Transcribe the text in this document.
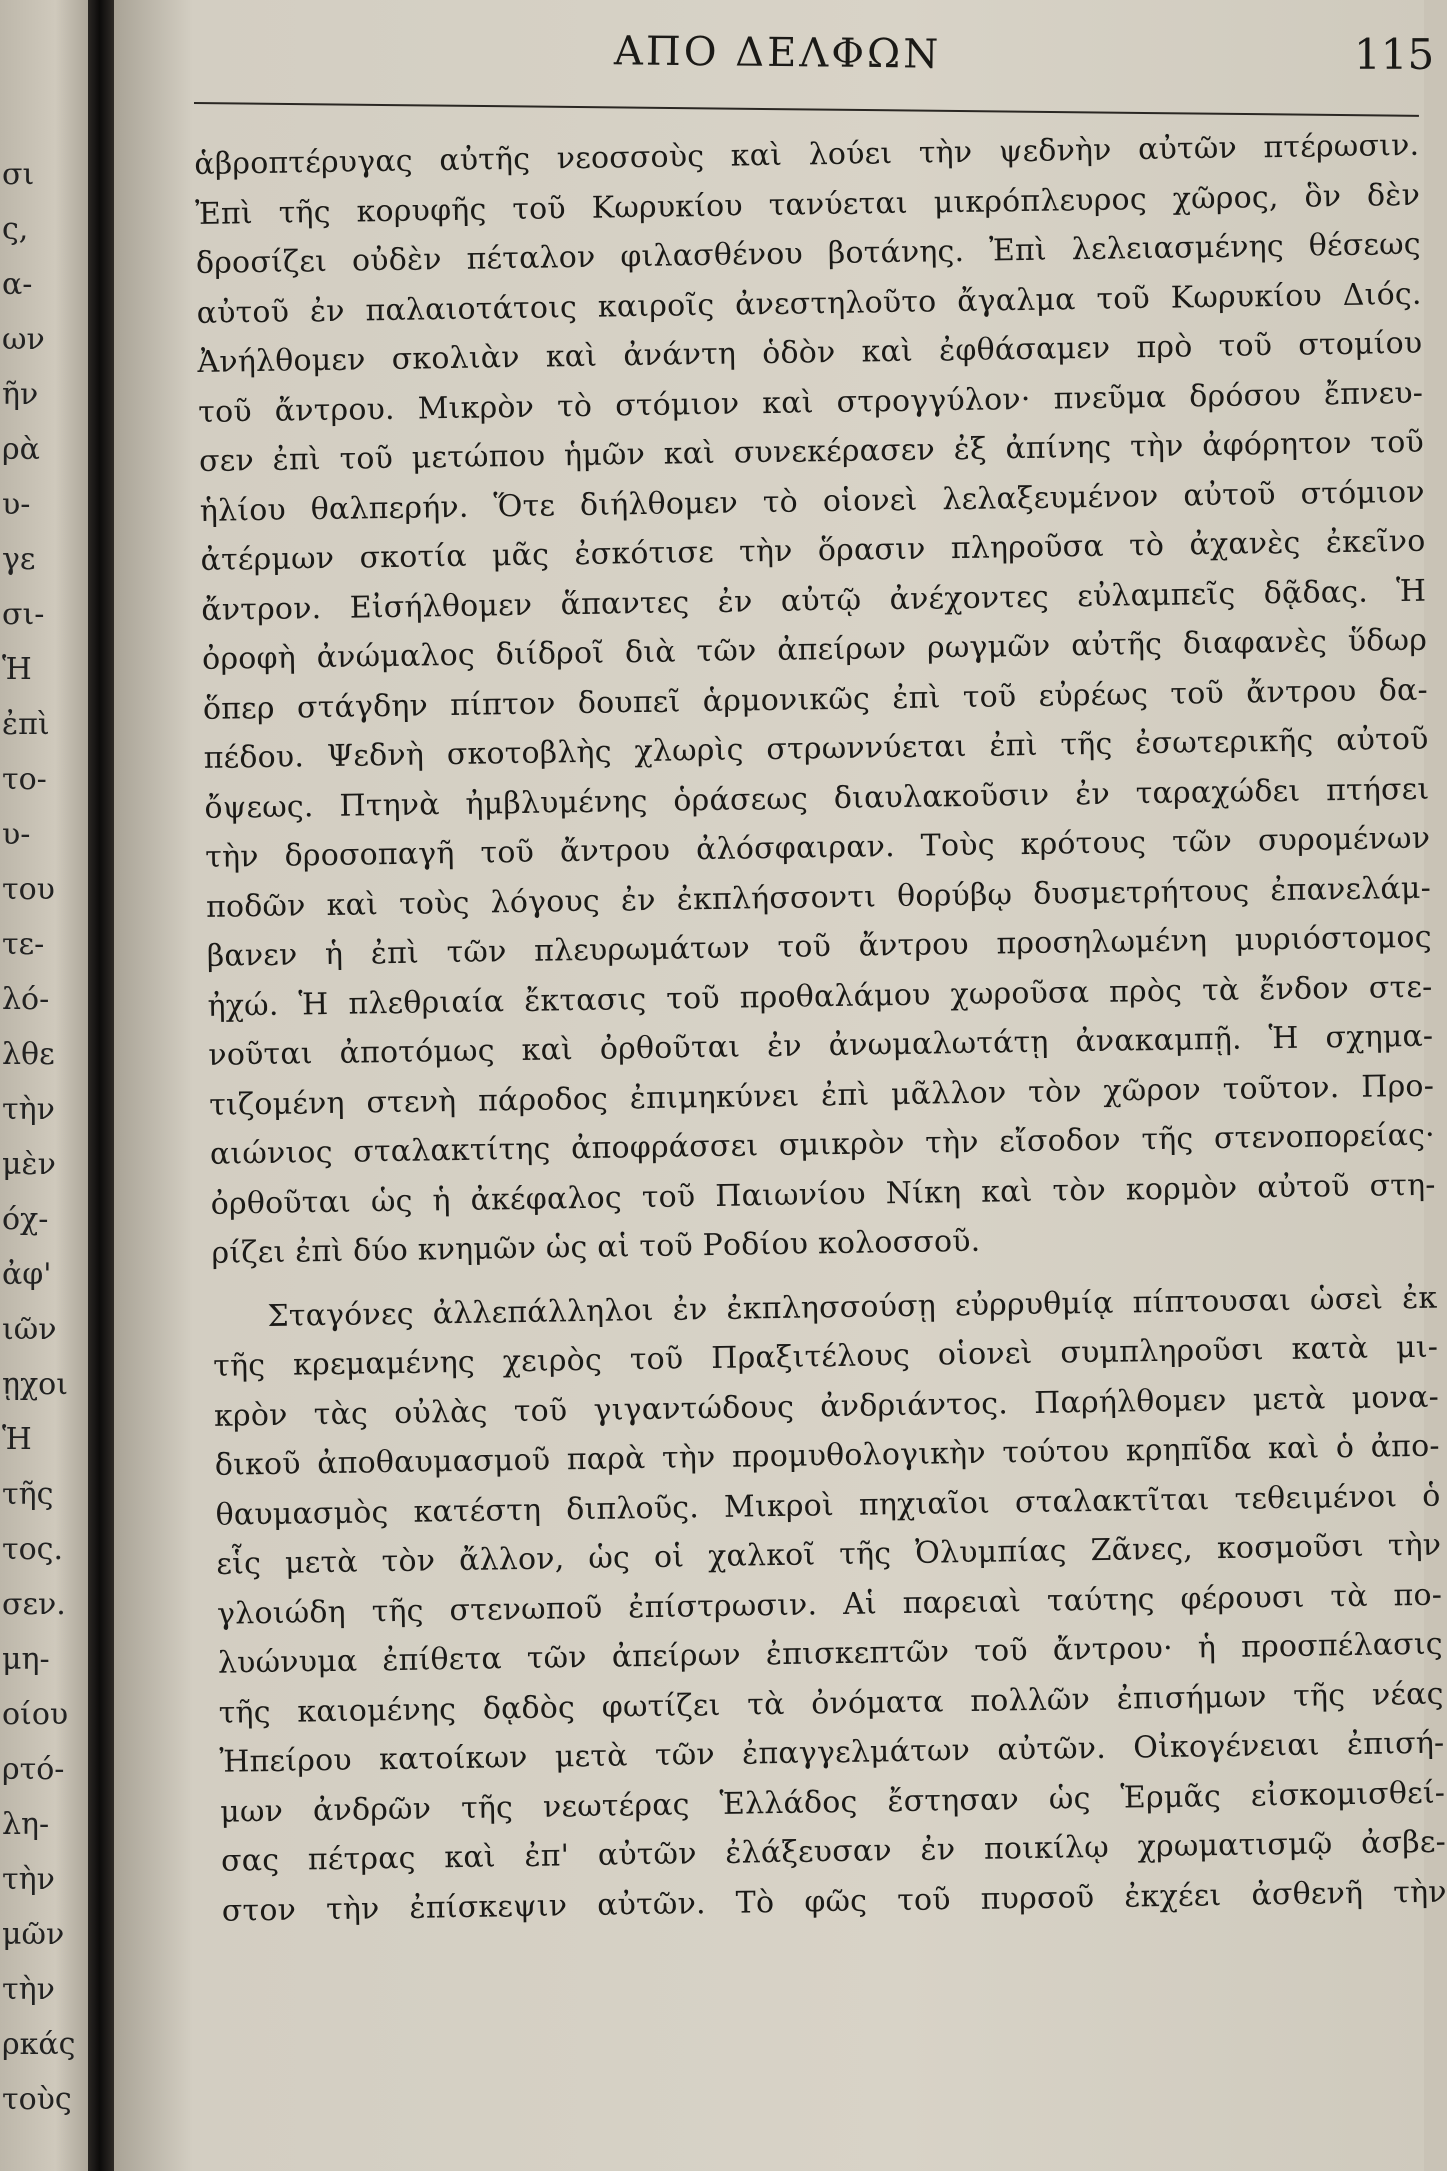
σι
ς,
α-
ων
ῆν
ρὰ
υ-
γε
σι-
Ἡ
ἐπὶ
το-
υ-
του
τε-
λό-
λθε
τὴν
μὲν
όχ-
ἀφ'
ιῶν
ῃχοι
Ἡ
τῆς
τος.
σεν.
μη-
οίου
ρτό-
λη-
τὴν
μῶν
τὴν
ρκάς
τοὺς
ΑΠΟ ΔΕΛΦΩΝ	115
ἁβροπτέρυγας αὐτῆς νεοσσοὺς καὶ λούει τὴν ψεδνὴν αὐτῶν πτέρωσιν.
Ἐπὶ τῆς κορυφῆς τοῦ Κωρυκίου τανύεται μικρόπλευρος χῶρος, ὃν δὲν
δροσίζει οὐδὲν πέταλον φιλασθένου βοτάνης. Ἐπὶ λελειασμένης θέσεως
αὐτοῦ ἐν παλαιοτάτοις καιροῖς ἀνεστηλοῦτο ἄγαλμα τοῦ Κωρυκίου Διός.
Ἀνήλθομεν σκολιὰν καὶ ἀνάντη ὁδὸν καὶ ἐφθάσαμεν πρὸ τοῦ στομίου
τοῦ ἄντρου. Μικρὸν τὸ στόμιον καὶ στρογγύλον· πνεῦμα δρόσου ἔπνευ-
σεν ἐπὶ τοῦ μετώπου ἡμῶν καὶ συνεκέρασεν ἐξ ἀπίνης τὴν ἀφόρητον τοῦ
ἡλίου θαλπερήν. Ὅτε διήλθομεν τὸ οἱονεὶ λελαξευμένον αὐτοῦ στόμιον
ἀτέρμων σκοτία μᾶς ἐσκότισε τὴν ὅρασιν πληροῦσα τὸ ἀχανὲς ἐκεῖνο
ἄντρον. Εἰσήλθομεν ἅπαντες ἐν αὐτῷ ἀνέχοντες εὐλαμπεῖς δᾷδας. Ἡ
ὀροφὴ ἀνώμαλος διίδροῖ διὰ τῶν ἀπείρων ρωγμῶν αὐτῆς διαφανὲς ὕδωρ
ὅπερ στάγδην πίπτον δουπεῖ ἁρμονικῶς ἐπὶ τοῦ εὐρέως τοῦ ἄντρου δα-
πέδου. Ψεδνὴ σκοτοβλὴς χλωρὶς στρωννύεται ἐπὶ τῆς ἐσωτερικῆς αὐτοῦ
ὄψεως. Πτηνὰ ἠμβλυμένης ὁράσεως διαυλακοῦσιν ἐν ταραχώδει πτήσει
τὴν δροσοπαγῆ τοῦ ἄντρου ἀλόσφαιραν. Τοὺς κρότους τῶν συρομένων
ποδῶν καὶ τοὺς λόγους ἐν ἐκπλήσσοντι θορύβῳ δυσμετρήτους ἐπανελάμ-
βανεν ἡ ἐπὶ τῶν πλευρωμάτων τοῦ ἄντρου προσηλωμένη μυριόστομος
ἠχώ. Ἡ πλεθριαία ἔκτασις τοῦ προθαλάμου χωροῦσα πρὸς τὰ ἔνδον στε-
νοῦται ἀποτόμως καὶ ὀρθοῦται ἐν ἀνωμαλωτάτῃ ἀνακαμπῇ. Ἡ σχημα-
τιζομένη στενὴ πάροδος ἐπιμηκύνει ἐπὶ μᾶλλον τὸν χῶρον τοῦτον. Προ-
αιώνιος σταλακτίτης ἀποφράσσει σμικρὸν τὴν εἴσοδον τῆς στενοπορείας·
ὀρθοῦται ὡς ἡ ἀκέφαλος τοῦ Παιωνίου Νίκη καὶ τὸν κορμὸν αὐτοῦ στη-
ρίζει ἐπὶ δύο κνημῶν ὡς αἱ τοῦ Ροδίου κολοσσοῦ.
Σταγόνες ἀλλεπάλληλοι ἐν ἐκπλησσούσῃ εὐρρυθμίᾳ πίπτουσαι ὡσεὶ ἐκ
τῆς κρεμαμένης χειρὸς τοῦ Πραξιτέλους οἱονεὶ συμπληροῦσι κατὰ μι-
κρὸν τὰς οὐλὰς τοῦ γιγαντώδους ἀνδριάντος. Παρήλθομεν μετὰ μονα-
δικοῦ ἀποθαυμασμοῦ παρὰ τὴν προμυθολογικὴν τούτου κρηπῖδα καὶ ὁ ἀπο-
θαυμασμὸς κατέστη διπλοῦς. Μικροὶ πηχιαῖοι σταλακτῖται τεθειμένοι ὁ
εἷς μετὰ τὸν ἄλλον, ὡς οἱ χαλκοῖ τῆς Ὀλυμπίας Ζᾶνες, κοσμοῦσι τὴν
γλοιώδη τῆς στενωποῦ ἐπίστρωσιν. Αἱ παρειαὶ ταύτης φέρουσι τὰ πο-
λυώνυμα ἐπίθετα τῶν ἀπείρων ἐπισκεπτῶν τοῦ ἄντρου· ἡ προσπέλασις
τῆς καιομένης δᾳδὸς φωτίζει τὰ ὀνόματα πολλῶν ἐπισήμων τῆς νέας
Ἠπείρου κατοίκων μετὰ τῶν ἐπαγγελμάτων αὐτῶν. Οἰκογένειαι ἐπισή-
μων ἀνδρῶν τῆς νεωτέρας Ἑλλάδος ἔστησαν ὡς Ἑρμᾶς εἰσκομισθεί-
σας πέτρας καὶ ἐπ' αὐτῶν ἐλάξευσαν ἐν ποικίλῳ χρωματισμῷ ἀσβε-
στον τὴν ἐπίσκεψιν αὐτῶν. Τὸ φῶς τοῦ πυρσοῦ ἐκχέει ἀσθενῆ τὴν
